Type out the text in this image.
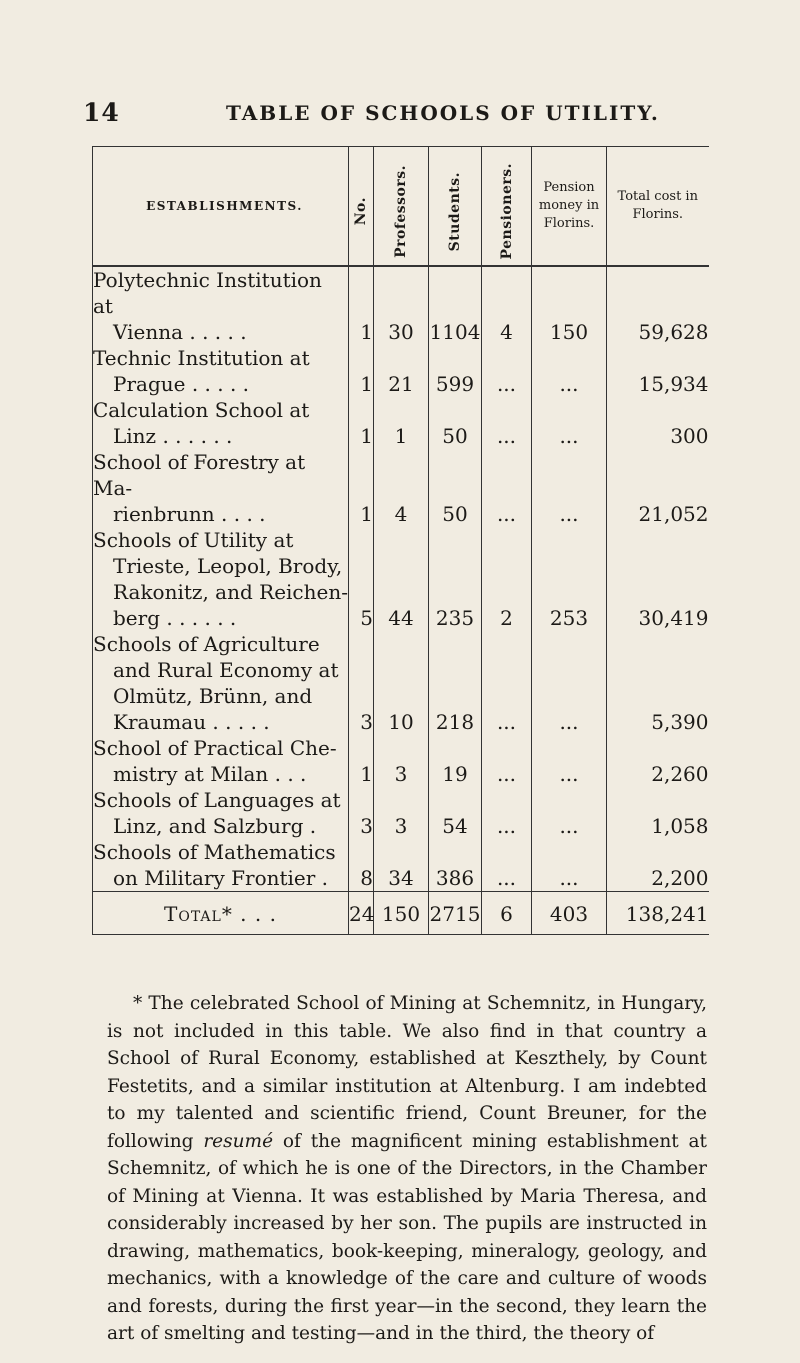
14	TABLE OF SCHOOLS OF UTILITY.
ESTABLISHMENTS.	No.	Professors.	Students.	Pensioners.	Pension money in Florins.	Total cost in Florins.

Polytechnic Institution at
Vienna . . . . .	1	30	1104	4	150	59,628

Technic Institution at
Prague . . . . .	1	21	599	...	...	15,934

Calculation School at
Linz . . . . . .	1	1	50	...	...	300

School of Forestry at Ma-
rienbrunn . . . .	1	4	50	...	...	21,052

Schools of Utility at
Trieste, Leopol, Brody,
Rakonitz, and Reichen-
berg . . . . . .	5	44	235	2	253	30,419

Schools of Agriculture
and Rural Economy at
Olmütz, Brünn, and
Kraumau . . . . .	3	10	218	...	...	5,390

School of Practical Che-
mistry at Milan . . .	1	3	19	...	...	2,260

Schools of Languages at
Linz, and Salzburg .	3	3	54	...	...	1,058

Schools of Mathematics
on Military Frontier .	8	34	386	...	...	2,200
Total* . . .	24	150	2715	6	403	138,241

* The celebrated School of Mining at Schemnitz, in Hungary, is not included in this table. We also find in that country a School of Rural Economy, established at Keszthely, by Count Festetits, and a similar institution at Altenburg. I am indebted to my talented and scientific friend, Count Breuner, for the following resumé of the magnificent mining establishment at Schemnitz, of which he is one of the Directors, in the Chamber of Mining at Vienna. It was established by Maria Theresa, and considerably increased by her son. The pupils are instructed in drawing, mathematics, book-keeping, mineralogy, geology, and mechanics, with a knowledge of the care and culture of woods and forests, during the first year—in the second, they learn the art of smelting and testing—and in the third, the theory of
